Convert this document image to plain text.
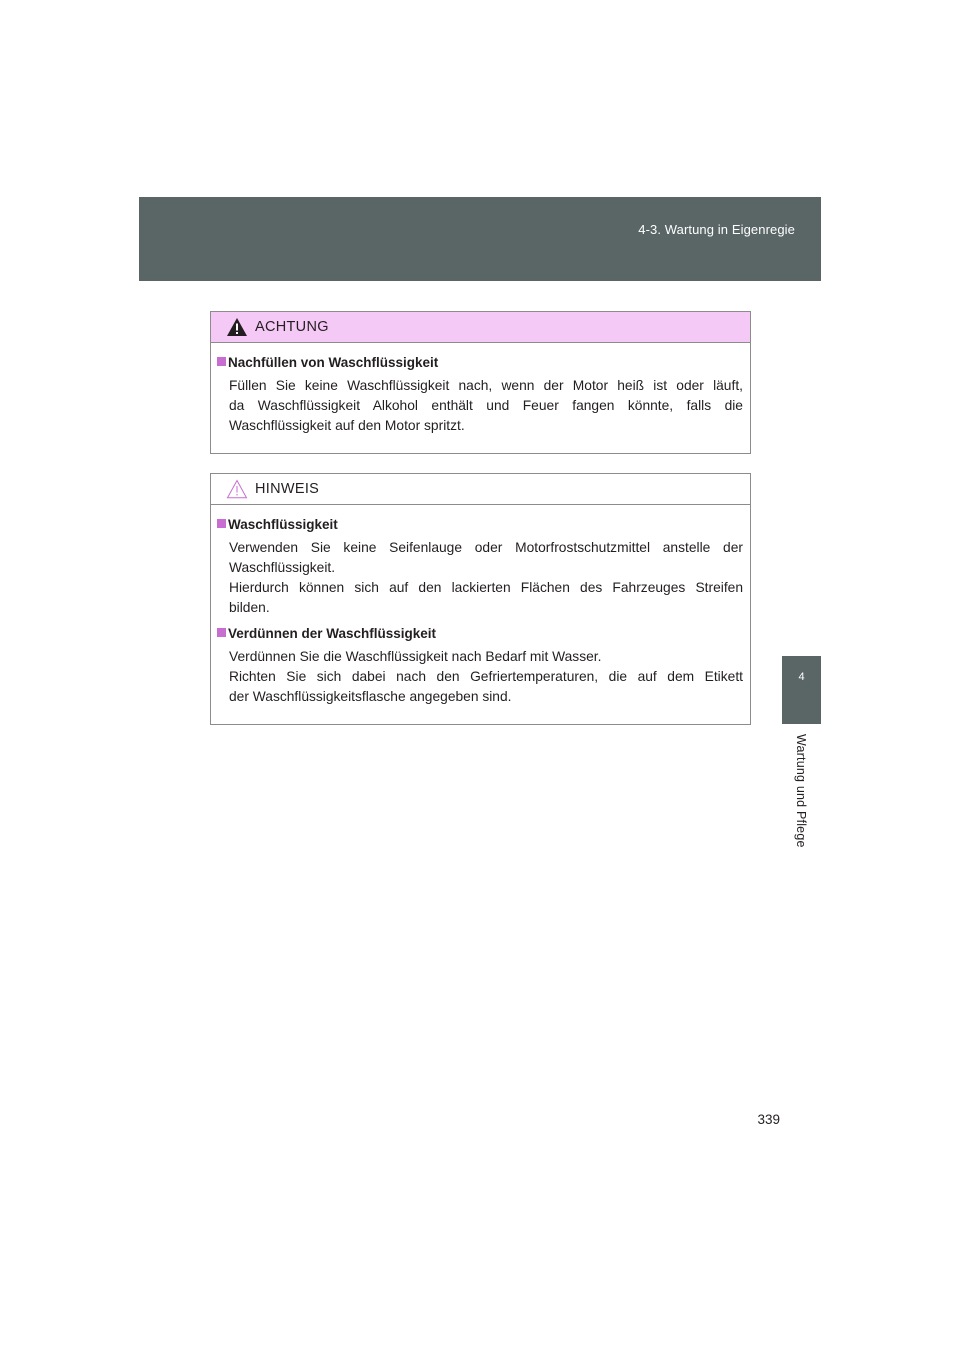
4-3. Wartung in Eigenregie
4
Wartung und Pflege
ACHTUNG
Nachfüllen von Waschflüssigkeit

Füllen Sie keine Waschflüssigkeit nach, wenn der Motor heiß ist oder läuft,

da Waschflüssigkeit Alkohol enthält und Feuer fangen könnte, falls die

Waschflüssigkeit auf den Motor spritzt.

HINWEIS
Waschflüssigkeit

Verwenden Sie keine Seifenlauge oder Motorfrostschutzmittel anstelle der

Waschflüssigkeit.

Hierdurch können sich auf den lackierten Flächen des Fahrzeuges Streifen

bilden.

Verdünnen der Waschflüssigkeit

Verdünnen Sie die Waschflüssigkeit nach Bedarf mit Wasser.

Richten Sie sich dabei nach den Gefriertemperaturen, die auf dem Etikett

der Waschflüssigkeitsflasche angegeben sind.

339
